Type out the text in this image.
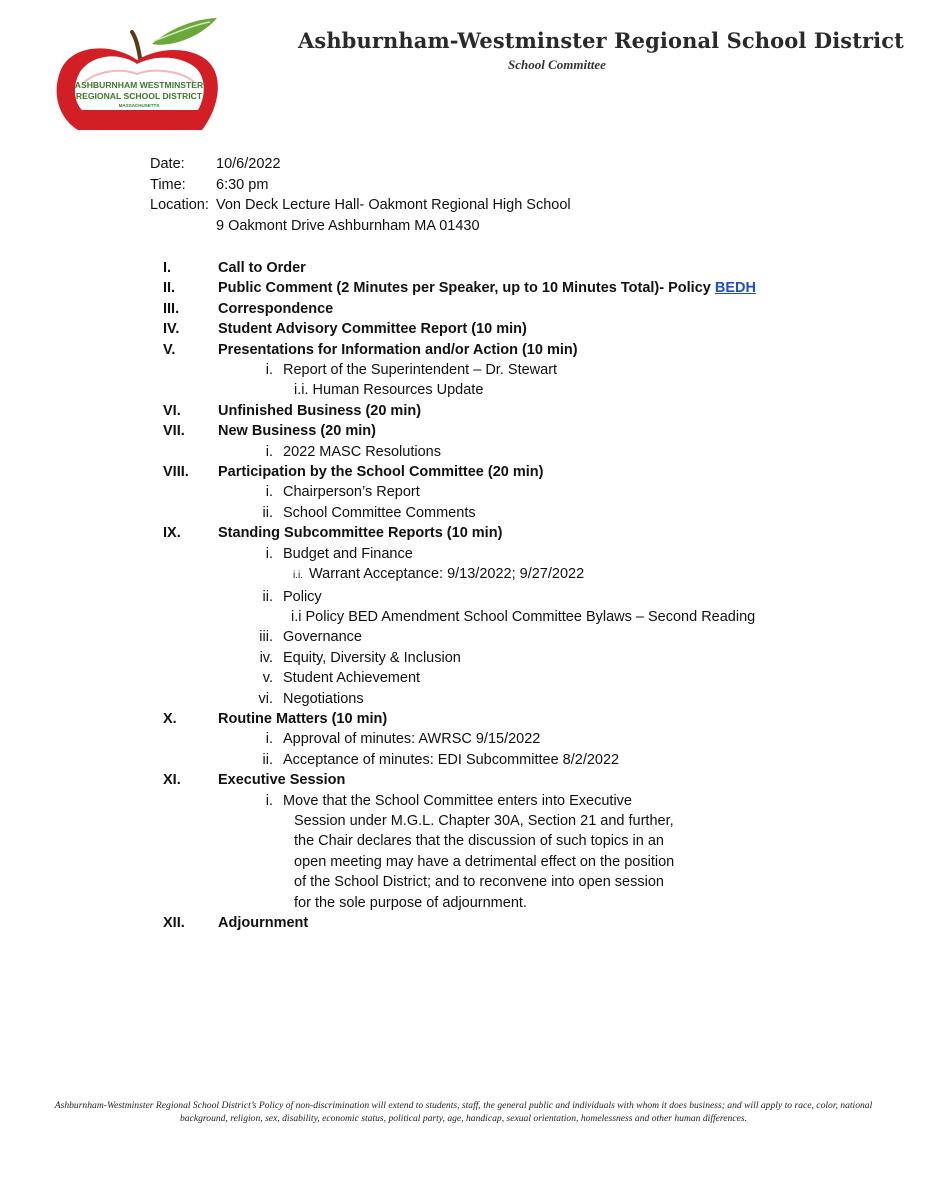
ASHBURNHAM WESTMINSTER
REGIONAL SCHOOL DISTRICT
MASSACHUSETTS
Ashburnham-Westminster Regional School District
School Committee
Date:	10/6/2022
Time:	6:30 pm
Location: Von Deck Lecture Hall- Oakmont Regional High School
9 Oakmont Drive Ashburnham MA 01430
I.	Call to Order
II.	Public Comment (2 Minutes per Speaker, up to 10 Minutes Total)- Policy BEDH
III.	Correspondence
IV.	Student Advisory Committee Report (10 min)
V.	Presentations for Information and/or Action (10 min)
i. Report of the Superintendent – Dr. Stewart
i.i. Human Resources Update
VI.	Unfinished Business (20 min)
VII.	New Business (20 min)
i. 2022 MASC Resolutions
VIII.	Participation by the School Committee (20 min)
i. Chairperson’s Report
ii. School Committee Comments
IX.	Standing Subcommittee Reports (10 min)
i. Budget and Finance
i.i. Warrant Acceptance: 9/13/2022; 9/27/2022
ii. Policy
i.i Policy BED Amendment School Committee Bylaws – Second Reading
iii. Governance
iv. Equity, Diversity & Inclusion
v. Student Achievement
vi. Negotiations
X.	Routine Matters (10 min)
i. Approval of minutes: AWRSC 9/15/2022
ii. Acceptance of minutes: EDI Subcommittee 8/2/2022
XI.	Executive Session
i. Move that the School Committee enters into Executive
Session under M.G.L. Chapter 30A, Section 21 and further,
the Chair declares that the discussion of such topics in an
open meeting may have a detrimental effect on the position
of the School District; and to reconvene into open session
for the sole purpose of adjournment.
XII.	Adjournment
Ashburnham-Westminster Regional School District’s Policy of non-discrimination will extend to students, staff, the general public and individuals with whom it does business; and will apply to race, color, national
background, religion, sex, disability, economic status, political party, age, handicap, sexual orientation, homelessness and other human differences.
